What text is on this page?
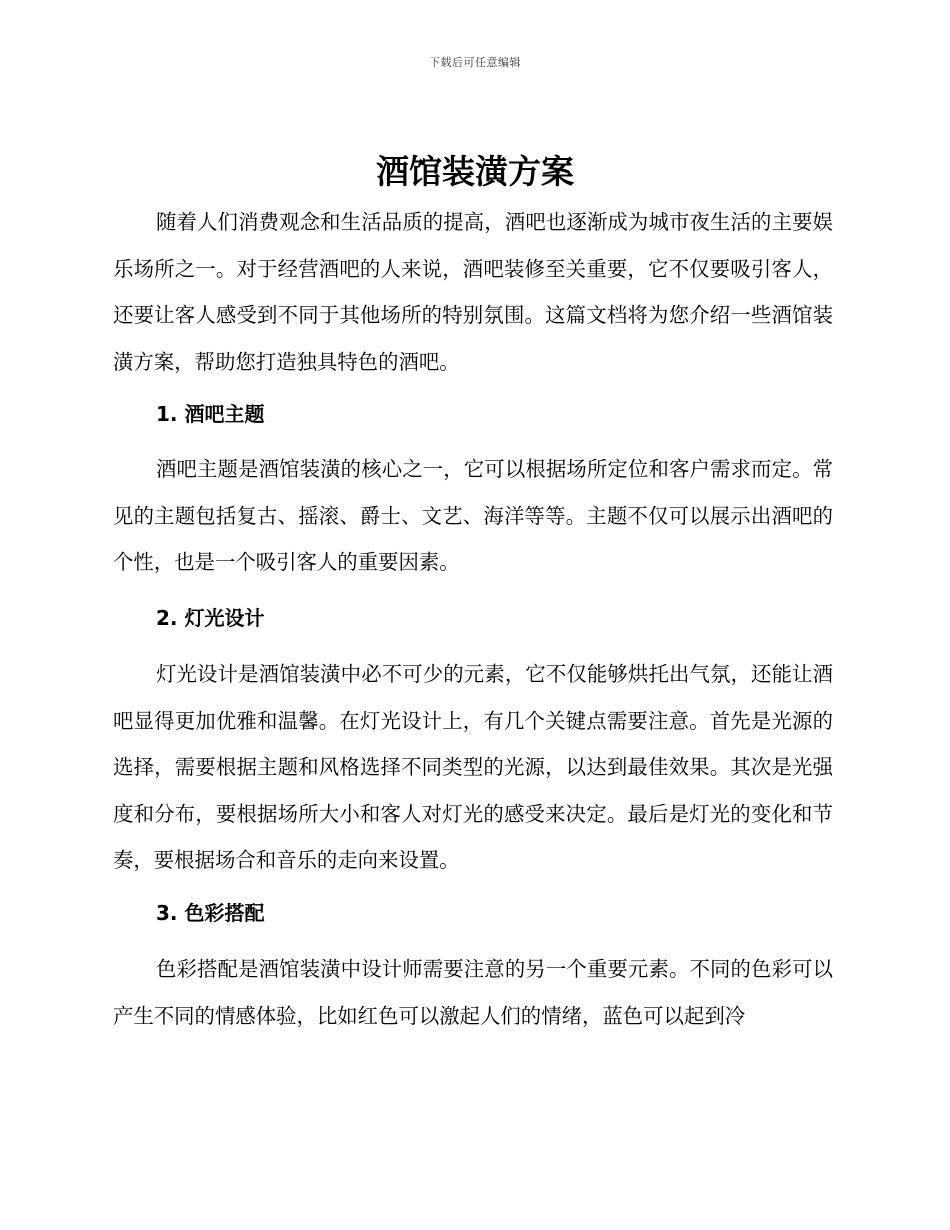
下载后可任意编辑
酒馆装潢方案

随着人们消费观念和生活品质的提高，酒吧也逐渐成为城市夜生活的主要娱乐场所之一。对于经营酒吧的人来说，酒吧装修至关重要，它不仅要吸引客人，还要让客人感受到不同于其他场所的特别氛围。这篇文档将为您介绍一些酒馆装潢方案，帮助您打造独具特色的酒吧。

1. 酒吧主题

酒吧主题是酒馆装潢的核心之一，它可以根据场所定位和客户需求而定。常见的主题包括复古、摇滚、爵士、文艺、海洋等等。主题不仅可以展示出酒吧的个性，也是一个吸引客人的重要因素。

2. 灯光设计

灯光设计是酒馆装潢中必不可少的元素，它不仅能够烘托出气氛，还能让酒吧显得更加优雅和温馨。在灯光设计上，有几个关键点需要注意。首先是光源的选择，需要根据主题和风格选择不同类型的光源，以达到最佳效果。其次是光强度和分布，要根据场所大小和客人对灯光的感受来决定。最后是灯光的变化和节奏，要根据场合和音乐的走向来设置。

3. 色彩搭配

色彩搭配是酒馆装潢中设计师需要注意的另一个重要元素。不同的色彩可以产生不同的情感体验，比如红色可以激起人们的情绪，蓝色可以起到冷
